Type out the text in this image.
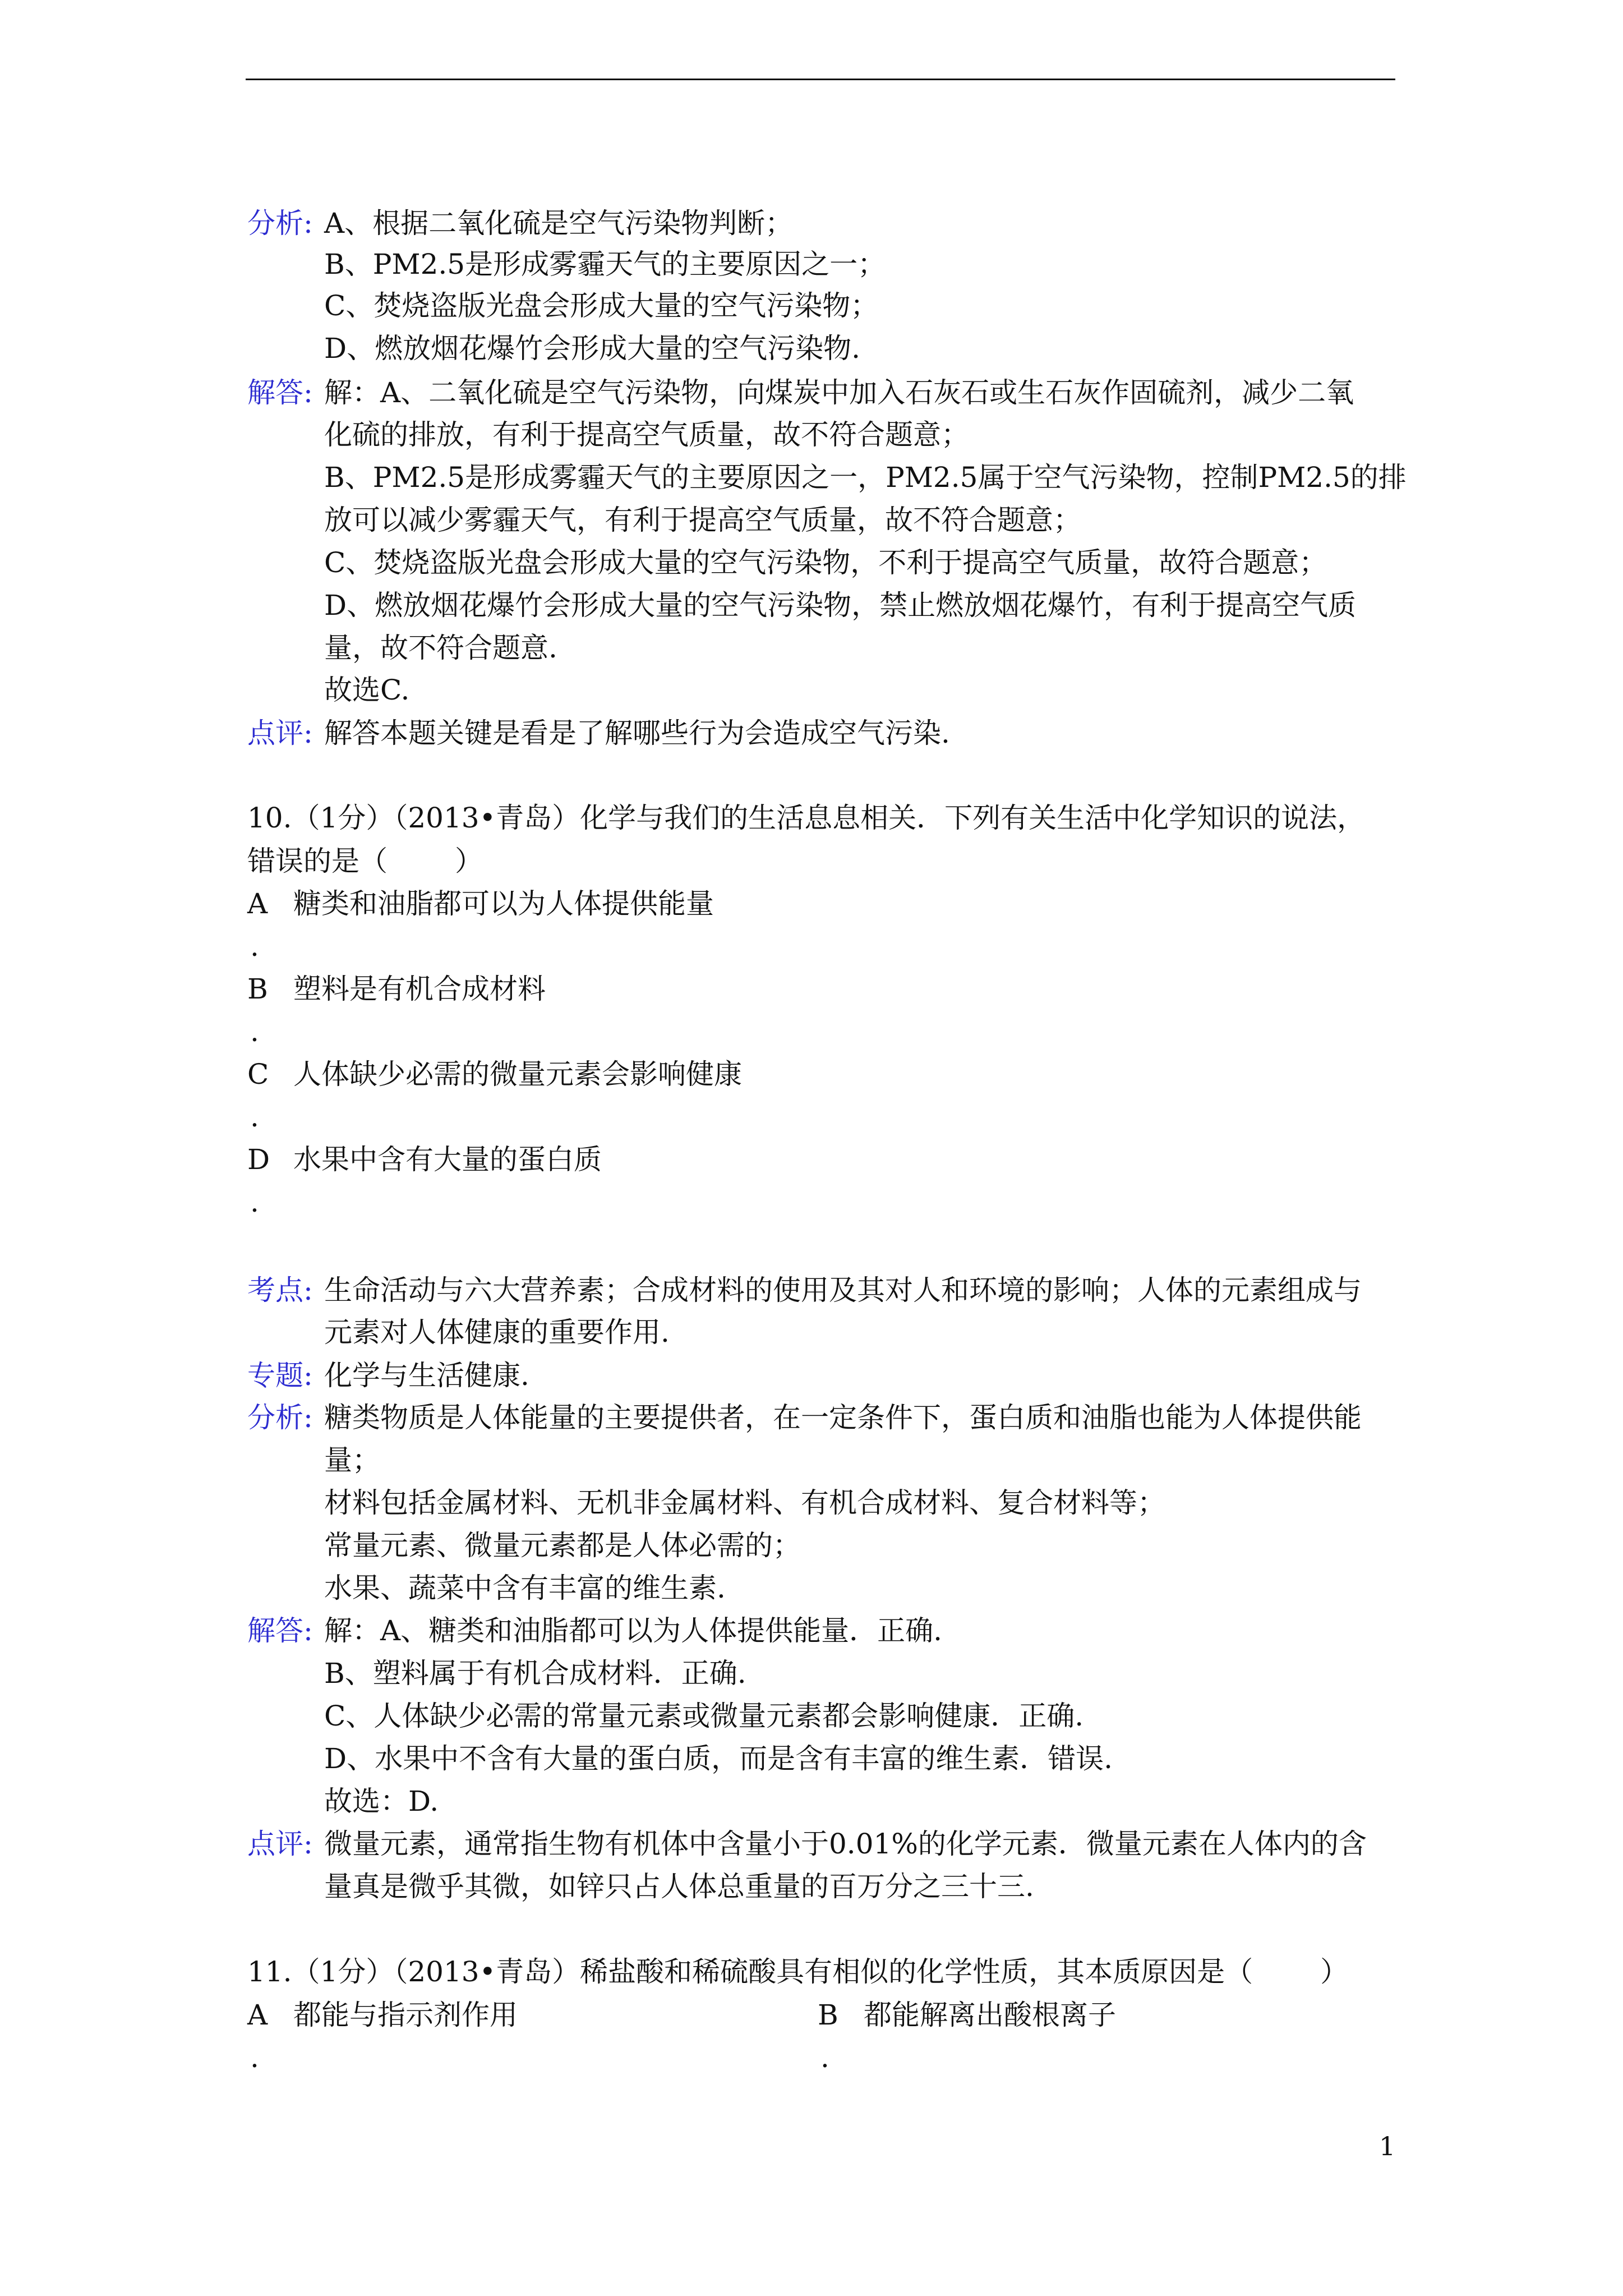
分析: A、根据二氧化硫是空气污染物判断；
B、PM2.5是形成雾霾天气的主要原因之一；
C、焚烧盗版光盘会形成大量的空气污染物；
D、燃放烟花爆竹会形成大量的空气污染物.
解答: 解：A、二氧化硫是空气污染物，向煤炭中加入石灰石或生石灰作固硫剂，减少二氧
化硫的排放，有利于提高空气质量，故不符合题意；
B、PM2.5是形成雾霾天气的主要原因之一，PM2.5属于空气污染物，控制PM2.5的排
放可以减少雾霾天气，有利于提高空气质量，故不符合题意；
C、焚烧盗版光盘会形成大量的空气污染物，不利于提高空气质量，故符合题意；
D、燃放烟花爆竹会形成大量的空气污染物，禁止燃放烟花爆竹，有利于提高空气质
量，故不符合题意.
故选C.
点评: 解答本题关键是看是了解哪些行为会造成空气污染.
10.（1分）（2013•青岛）化学与我们的生活息息相关．下列有关生活中化学知识的说法，
错误的是（ ）
A 糖类和油脂都可以为人体提供能量
.
B 塑料是有机合成材料
.
C 人体缺少必需的微量元素会影响健康
.
D 水果中含有大量的蛋白质
.
考点: 生命活动与六大营养素；合成材料的使用及其对人和环境的影响；人体的元素组成与
元素对人体健康的重要作用.
专题: 化学与生活健康.
分析: 糖类物质是人体能量的主要提供者，在一定条件下，蛋白质和油脂也能为人体提供能
量；
材料包括金属材料、无机非金属材料、有机合成材料、复合材料等；
常量元素、微量元素都是人体必需的；
水果、蔬菜中含有丰富的维生素.
解答: 解：A、糖类和油脂都可以为人体提供能量．正确.
B、塑料属于有机合成材料．正确.
C、人体缺少必需的常量元素或微量元素都会影响健康．正确.
D、水果中不含有大量的蛋白质，而是含有丰富的维生素．错误.
故选：D.
点评: 微量元素，通常指生物有机体中含量小于0.01%的化学元素．微量元素在人体内的含
量真是微乎其微，如锌只占人体总重量的百万分之三十三.
11.（1分）（2013•青岛）稀盐酸和稀硫酸具有相似的化学性质，其本质原因是（ ）
A 都能与指示剂作用
.
B 都能解离出酸根离子
.
1
